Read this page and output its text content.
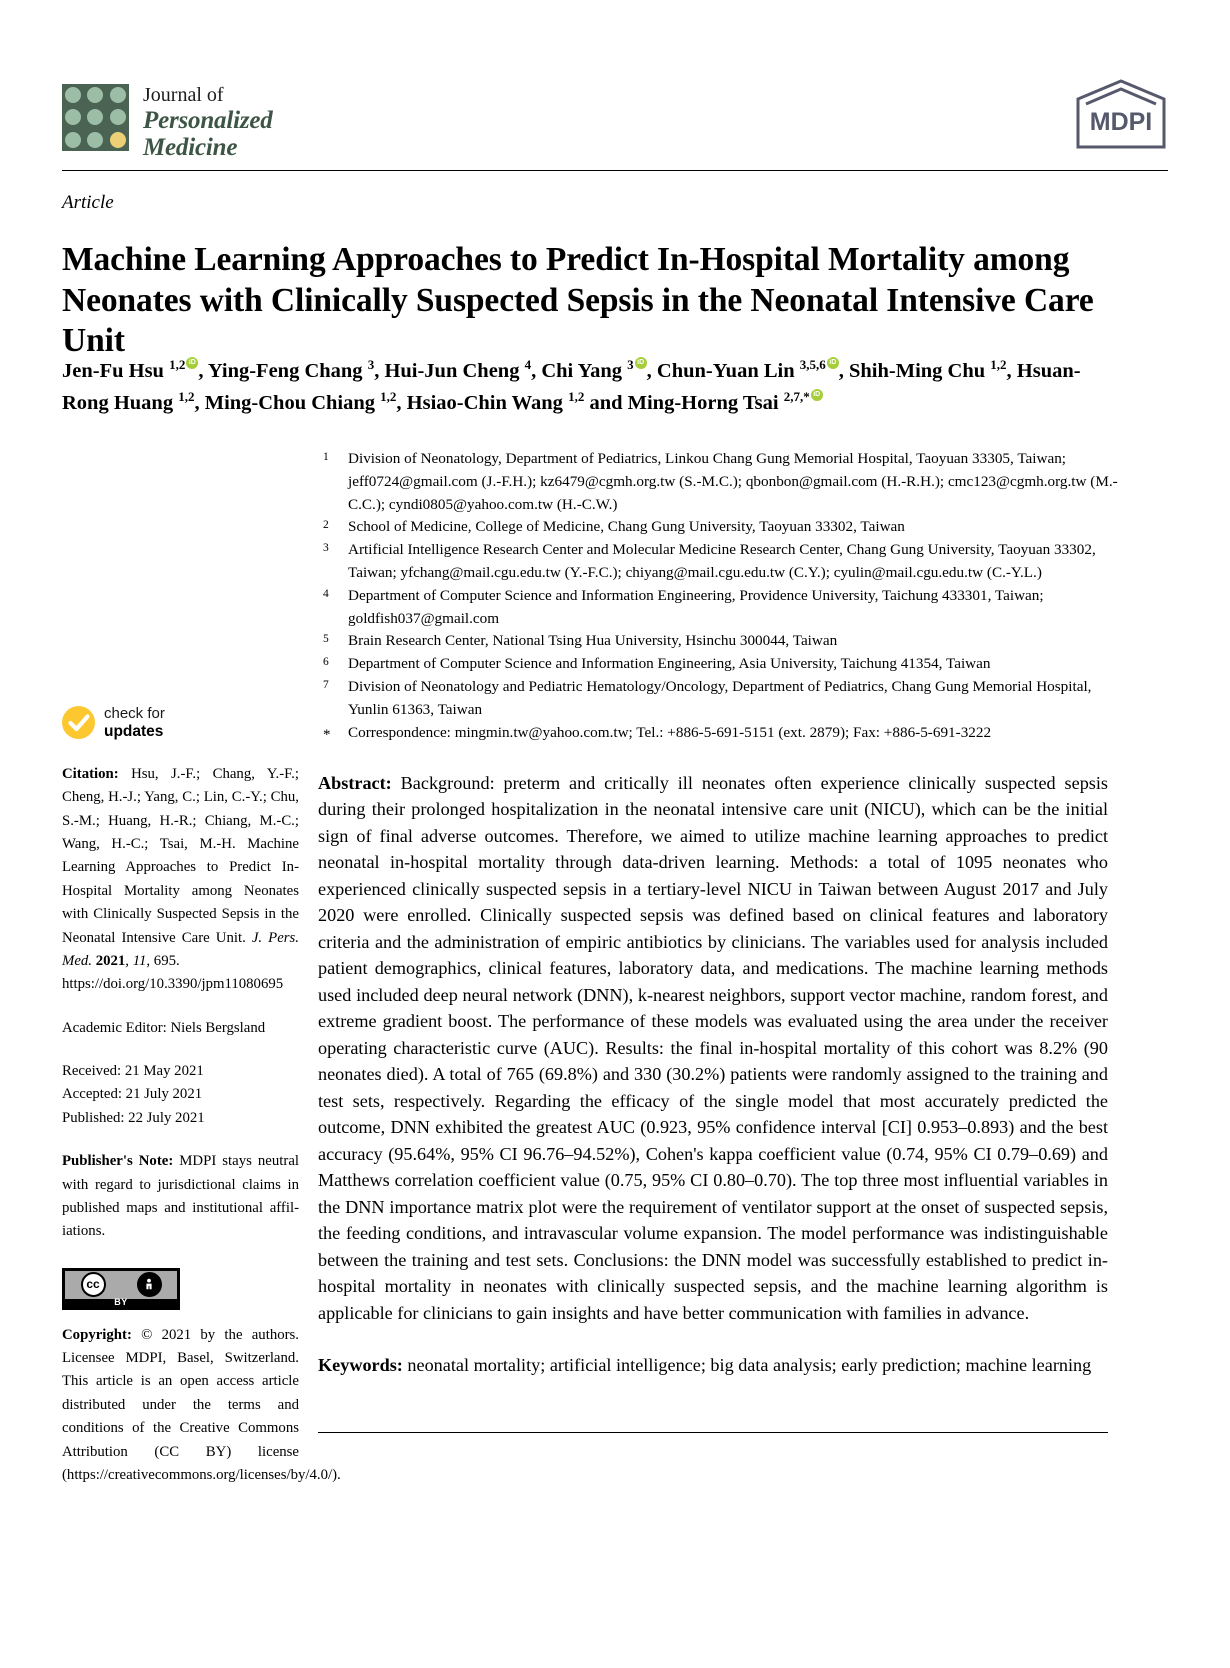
Journal of
Personalized
Medicine
MDPI
Article
Machine Learning Approaches to Predict In-Hospital Mortality among Neonates with Clinically Suspected Sepsis in the Neonatal Intensive Care Unit
Jen-Fu Hsu $^{1,2}$ iD , Ying-Feng Chang $^3$, Hui-Jun Cheng $^4$, Chi Yang $^3$ iD , Chun-Yuan Lin $^{3,5,6}$ iD , Shih-Ming Chu $^{1,2}$, Hsuan-Rong Huang $^{1,2}$, Ming-Chou Chiang $^{1,2}$, Hsiao-Chin Wang $^{1,2}$ and Ming-Horng Tsai $^{2,7,*}$iD
1	Division of Neonatology, Department of Pediatrics, Linkou Chang Gung Memorial Hospital, Taoyuan 33305, Taiwan; jeff0724@gmail.com (J.-F.H.); kz6479@cgmh.org.tw (S.-M.C.); qbonbon@gmail.com (H.-R.H.); cmc123@cgmh.org.tw (M.-C.C.); cyndi0805@yahoo.com.tw (H.-C.W.)
2	School of Medicine, College of Medicine, Chang Gung University, Taoyuan 33302, Taiwan
3	Artificial Intelligence Research Center and Molecular Medicine Research Center, Chang Gung University, Taoyuan 33302, Taiwan; yfchang@mail.cgu.edu.tw (Y.-F.C.); chiyang@mail.cgu.edu.tw (C.Y.); cyulin@mail.cgu.edu.tw (C.-Y.L.)
4	Department of Computer Science and Information Engineering, Providence University, Taichung 433301, Taiwan; goldfish037@gmail.com
5	Brain Research Center, National Tsing Hua University, Hsinchu 300044, Taiwan
6	Department of Computer Science and Information Engineering, Asia University, Taichung 41354, Taiwan
7	Division of Neonatology and Pediatric Hematology/Oncology, Department of Pediatrics, Chang Gung Memorial Hospital, Yunlin 61363, Taiwan
*	Correspondence: mingmin.tw@yahoo.com.tw; Tel.: +886-5-691-5151 (ext. 2879); Fax: +886-5-691-3222
check for
updates
Citation: Hsu, J.-F.; Chang, Y.-F.; Cheng, H.-J.; Yang, C.; Lin, C.-Y.; Chu, S.-M.; Huang, H.-R.; Chiang, M.-C.; Wang, H.-C.; Tsai, M.-H. Machine Learning Approaches to Predict In-Hospital Mortality among Neonates with Clinically Suspected Sepsis in the Neonatal Intensive Care Unit. J. Pers. Med. 2021, 11, 695.
https://doi.org/10.3390/jpm11080695
Academic Editor: Niels Bergsland
Received: 21 May 2021
Accepted: 21 July 2021
Published: 22 July 2021
Publisher's Note: MDPI stays neutral with regard to jurisdictional claims in published maps and institutional affil-iations.
cc
BY
Copyright: © 2021 by the authors. Licensee MDPI, Basel, Switzerland. This article is an open access article distributed under the terms and conditions of the Creative Commons Attribution (CC BY) license (https://creativecommons.org/licenses/by/4.0/).
Abstract: Background: preterm and critically ill neonates often experience clinically suspected sepsis during their prolonged hospitalization in the neonatal intensive care unit (NICU), which can be the initial sign of final adverse outcomes. Therefore, we aimed to utilize machine learning approaches to predict neonatal in-hospital mortality through data-driven learning. Methods: a total of 1095 neonates who experienced clinically suspected sepsis in a tertiary-level NICU in Taiwan between August 2017 and July 2020 were enrolled. Clinically suspected sepsis was defined based on clinical features and laboratory criteria and the administration of empiric antibiotics by clinicians. The variables used for analysis included patient demographics, clinical features, laboratory data, and medications. The machine learning methods used included deep neural network (DNN), k-nearest neighbors, support vector machine, random forest, and extreme gradient boost. The performance of these models was evaluated using the area under the receiver operating characteristic curve (AUC). Results: the final in-hospital mortality of this cohort was 8.2% (90 neonates died). A total of 765 (69.8%) and 330 (30.2%) patients were randomly assigned to the training and test sets, respectively. Regarding the efficacy of the single model that most accurately predicted the outcome, DNN exhibited the greatest AUC (0.923, 95% confidence interval [CI] 0.953–0.893) and the best accuracy (95.64%, 95% CI 96.76–94.52%), Cohen's kappa coefficient value (0.74, 95% CI 0.79–0.69) and Matthews correlation coefficient value (0.75, 95% CI 0.80–0.70). The top three most influential variables in the DNN importance matrix plot were the requirement of ventilator support at the onset of suspected sepsis, the feeding conditions, and intravascular volume expansion. The model performance was indistinguishable between the training and test sets. Conclusions: the DNN model was successfully established to predict in-hospital mortality in neonates with clinically suspected sepsis, and the machine learning algorithm is applicable for clinicians to gain insights and have better communication with families in advance.
Keywords: neonatal mortality; artificial intelligence; big data analysis; early prediction; machine learning
